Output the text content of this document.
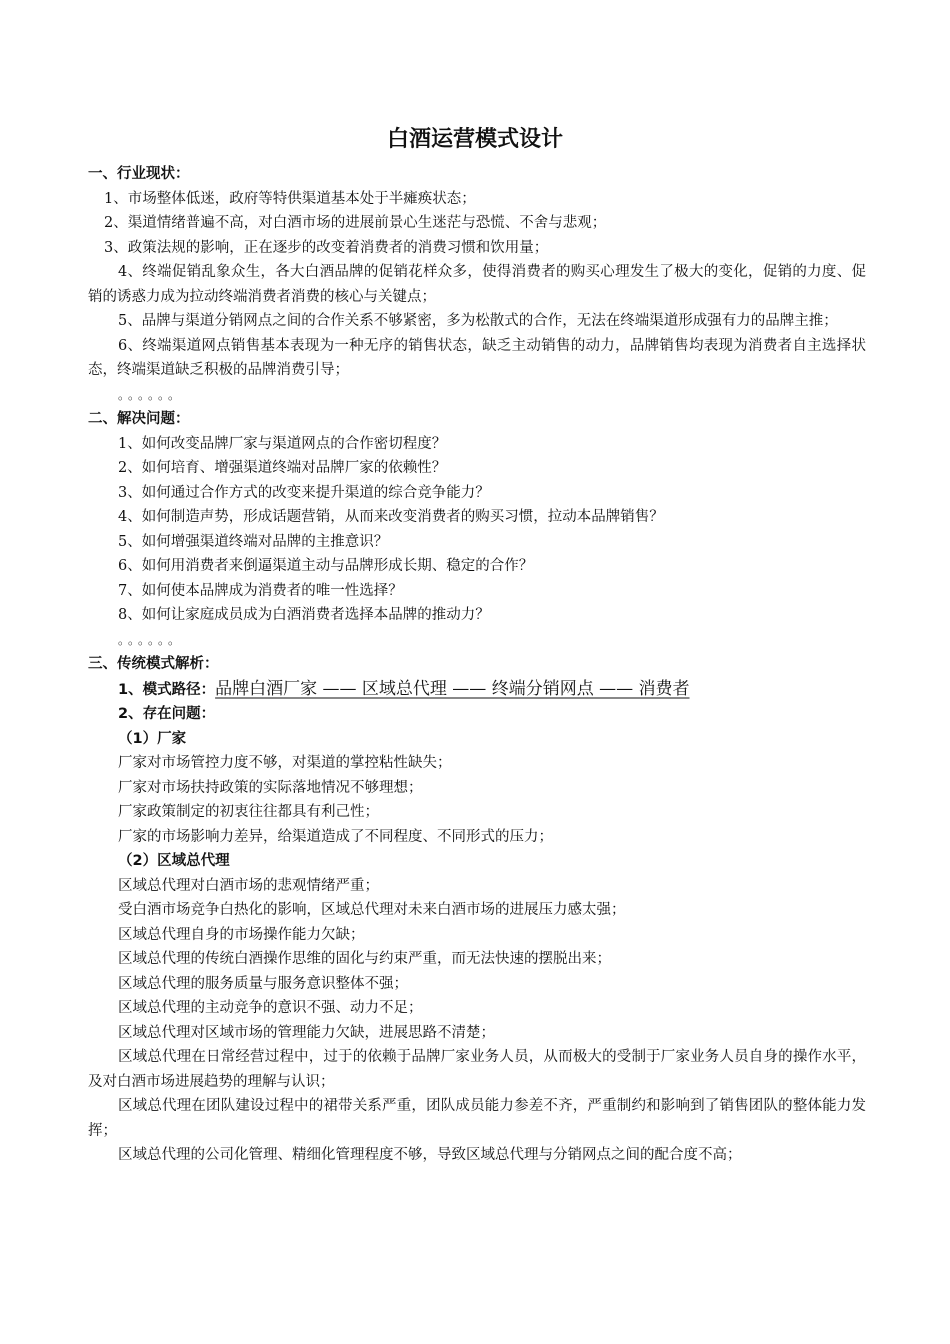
白酒运营模式设计
一、行业现状：
1、市场整体低迷，政府等特供渠道基本处于半瘫痪状态；
2、渠道情绪普遍不高，对白酒市场的进展前景心生迷茫与恐慌、不舍与悲观；
3、政策法规的影响，正在逐步的改变着消费者的消费习惯和饮用量；
4、终端促销乱象众生，各大白酒品牌的促销花样众多，使得消费者的购买心理发生了极大的变化，促销的力度、促销的诱惑力成为拉动终端消费者消费的核心与关键点；
5、品牌与渠道分销网点之间的合作关系不够紧密，多为松散式的合作，无法在终端渠道形成强有力的品牌主推；
6、终端渠道网点销售基本表现为一种无序的销售状态，缺乏主动销售的动力，品牌销售均表现为消费者自主选择状态，终端渠道缺乏积极的品牌消费引导；
。。。。。。
二、解决问题：
1、如何改变品牌厂家与渠道网点的合作密切程度？
2、如何培育、增强渠道终端对品牌厂家的依赖性？
3、如何通过合作方式的改变来提升渠道的综合竞争能力？
4、如何制造声势，形成话题营销，从而来改变消费者的购买习惯，拉动本品牌销售？
5、如何增强渠道终端对品牌的主推意识？
6、如何用消费者来倒逼渠道主动与品牌形成长期、稳定的合作？
7、如何使本品牌成为消费者的唯一性选择？
8、如何让家庭成员成为白酒消费者选择本品牌的推动力？
。。。。。。
三、传统模式解析：
1、模式路径：品牌白酒厂家 —— 区域总代理 —— 终端分销网点 —— 消费者
2、存在问题：
（1）厂家
厂家对市场管控力度不够，对渠道的掌控粘性缺失；
厂家对市场扶持政策的实际落地情况不够理想；
厂家政策制定的初衷往往都具有利己性；
厂家的市场影响力差异，给渠道造成了不同程度、不同形式的压力；
（2）区域总代理
区域总代理对白酒市场的悲观情绪严重；
受白酒市场竞争白热化的影响，区域总代理对未来白酒市场的进展压力感太强；
区域总代理自身的市场操作能力欠缺；
区域总代理的传统白酒操作思维的固化与约束严重，而无法快速的摆脱出来；
区域总代理的服务质量与服务意识整体不强；
区域总代理的主动竞争的意识不强、动力不足；
区域总代理对区域市场的管理能力欠缺，进展思路不清楚；
区域总代理在日常经营过程中，过于的依赖于品牌厂家业务人员，从而极大的受制于厂家业务人员自身的操作水平，及对白酒市场进展趋势的理解与认识；
区域总代理在团队建设过程中的裙带关系严重，团队成员能力参差不齐，严重制约和影响到了销售团队的整体能力发挥；
区域总代理的公司化管理、精细化管理程度不够，导致区域总代理与分销网点之间的配合度不高；
